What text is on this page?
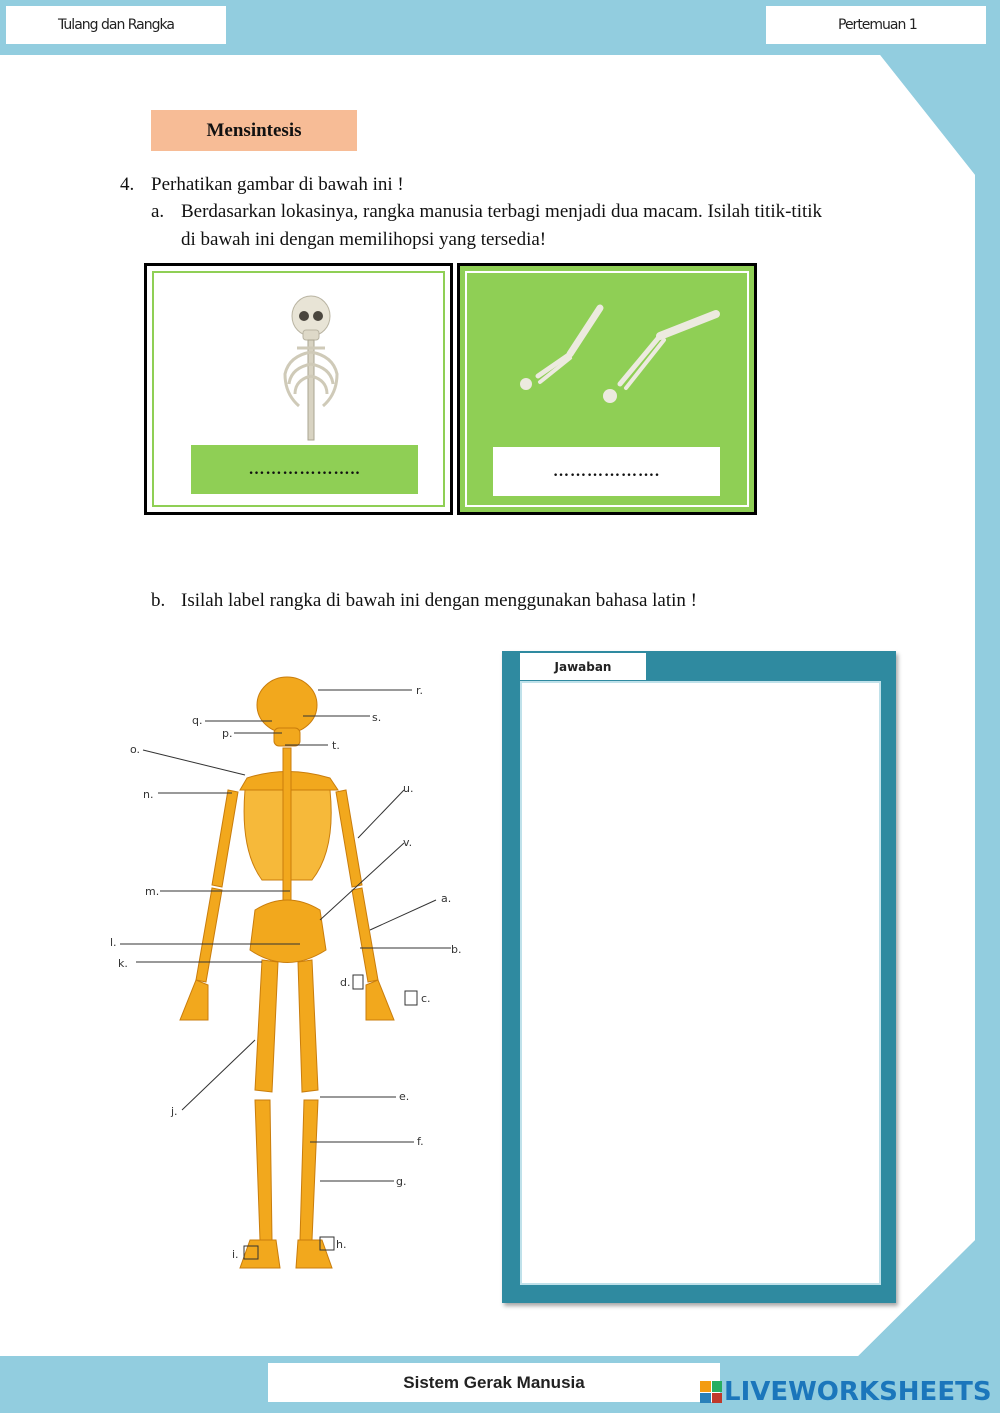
Tulang dan Rangka	Pertemuan 1
Mensintesis
4. Perhatikan gambar di bawah ini !
a. Berdasarkan lokasinya, rangka manusia terbagi menjadi dua macam. Isilah titik-titik
di bawah ini dengan memilihopsi yang tersedia!
………………..	……………….
b. Isilah label rangka di bawah ini dengan menggunakan bahasa latin !
r.
s.
q.
p.
t.
o.
n.	u.
v.
m.
a.
l.
b.
k.
d.
c.
j.
e.
f.
g.
h.
i.
Jawaban
Sistem Gerak Manusia	LIVEWORKSHEETS
